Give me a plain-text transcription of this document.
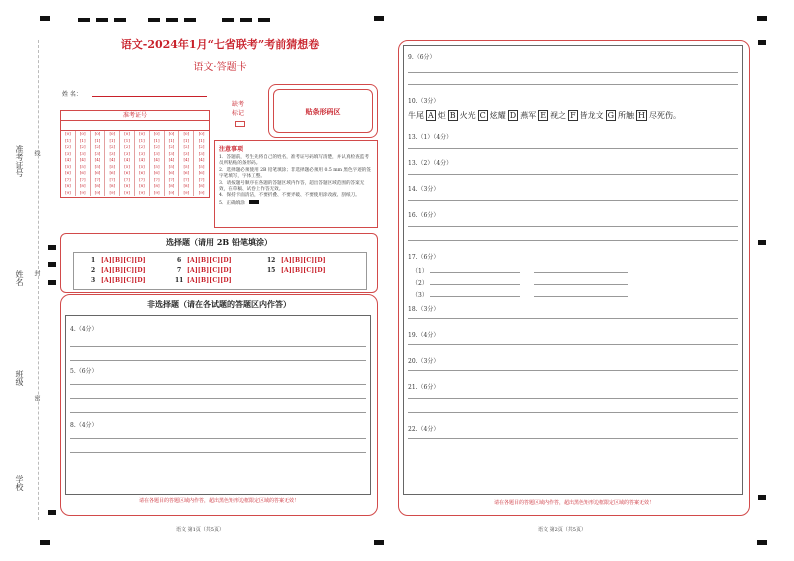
准考证号 线
姓名 封
班级
密
学校
语文-2024年1月“七省联考”考前猜想卷
语文·答题卡
姓 名：
准考证号
[0]
[1]
[2]
[3]
[4]
[5]
[6]
[7]
[8]
[9]
[0]
[1]
[2]
[3]
[4]
[5]
[6]
[7]
[8]
[9]
[0]
[1]
[2]
[3]
[4]
[5]
[6]
[7]
[8]
[9]
[0]
[1]
[2]
[3]
[4]
[5]
[6]
[7]
[8]
[9]
[0]
[1]
[2]
[3]
[4]
[5]
[6]
[7]
[8]
[9]
[0]
[1]
[2]
[3]
[4]
[5]
[6]
[7]
[8]
[9]
[0]
[1]
[2]
[3]
[4]
[5]
[6]
[7]
[8]
[9]
[0]
[1]
[2]
[3]
[4]
[5]
[6]
[7]
[8]
[9]
[0]
[1]
[2]
[3]
[4]
[5]
[6]
[7]
[8]
[9]
[0]
[1]
[2]
[3]
[4]
[5]
[6]
[7]
[8]
[9]
缺考
标记	贴条形码区
注意事项
1．答题前，考生先将自己的姓名，准考证号码填写清楚，并认真检查监考员所粘贴的条形码。
2．选择题必须使用 2B 铅笔填涂；非选择题必须用 0.5 mm 黑色字迹的签字笔填写，字体工整。
3．请按题号顺序在各题的答题区域内作答，超出答题区域范围的答案无效，在草稿、试卷上作答无效。
4．保持卡面清洁，不要折叠、不要弄破、不要使用涂改液、刮纸刀。
5．正确填涂
选择题（请用 2B 铅笔填涂）
1 [A][B][C][D]
2 [A][B][C][D]
3 [A][B][C][D]
6 [A][B][C][D]
7 [A][B][C][D]
11 [A][B][C][D]
12 [A][B][C][D]
15 [A][B][C][D]
非选择题（请在各试题的答题区内作答）
4.（4分）
5.（6分）
8.（4分）
请在各题目的答题区域内作答，超出黑色矩形边框限定区域的答案无效！
语文 第1页（共5页）
9.（6分）
10.（3分）
牛尾 A 炬 B 火光 C 炫耀 D 燕军 E 视之 F 皆龙文 G 所触 H 尽死伤。
13.（1）（4分）
13.（2）（4分）
14.（3分）
16.（6分）
17.（6分）
（1）
（2）
（3）
18.（3分）
19.（4分）
20.（3分）
21.（6分）
22.（4分）
请在各题目的答题区域内作答，超出黑色矩形边框限定区域的答案无效！
语文 第2页（共5页）
